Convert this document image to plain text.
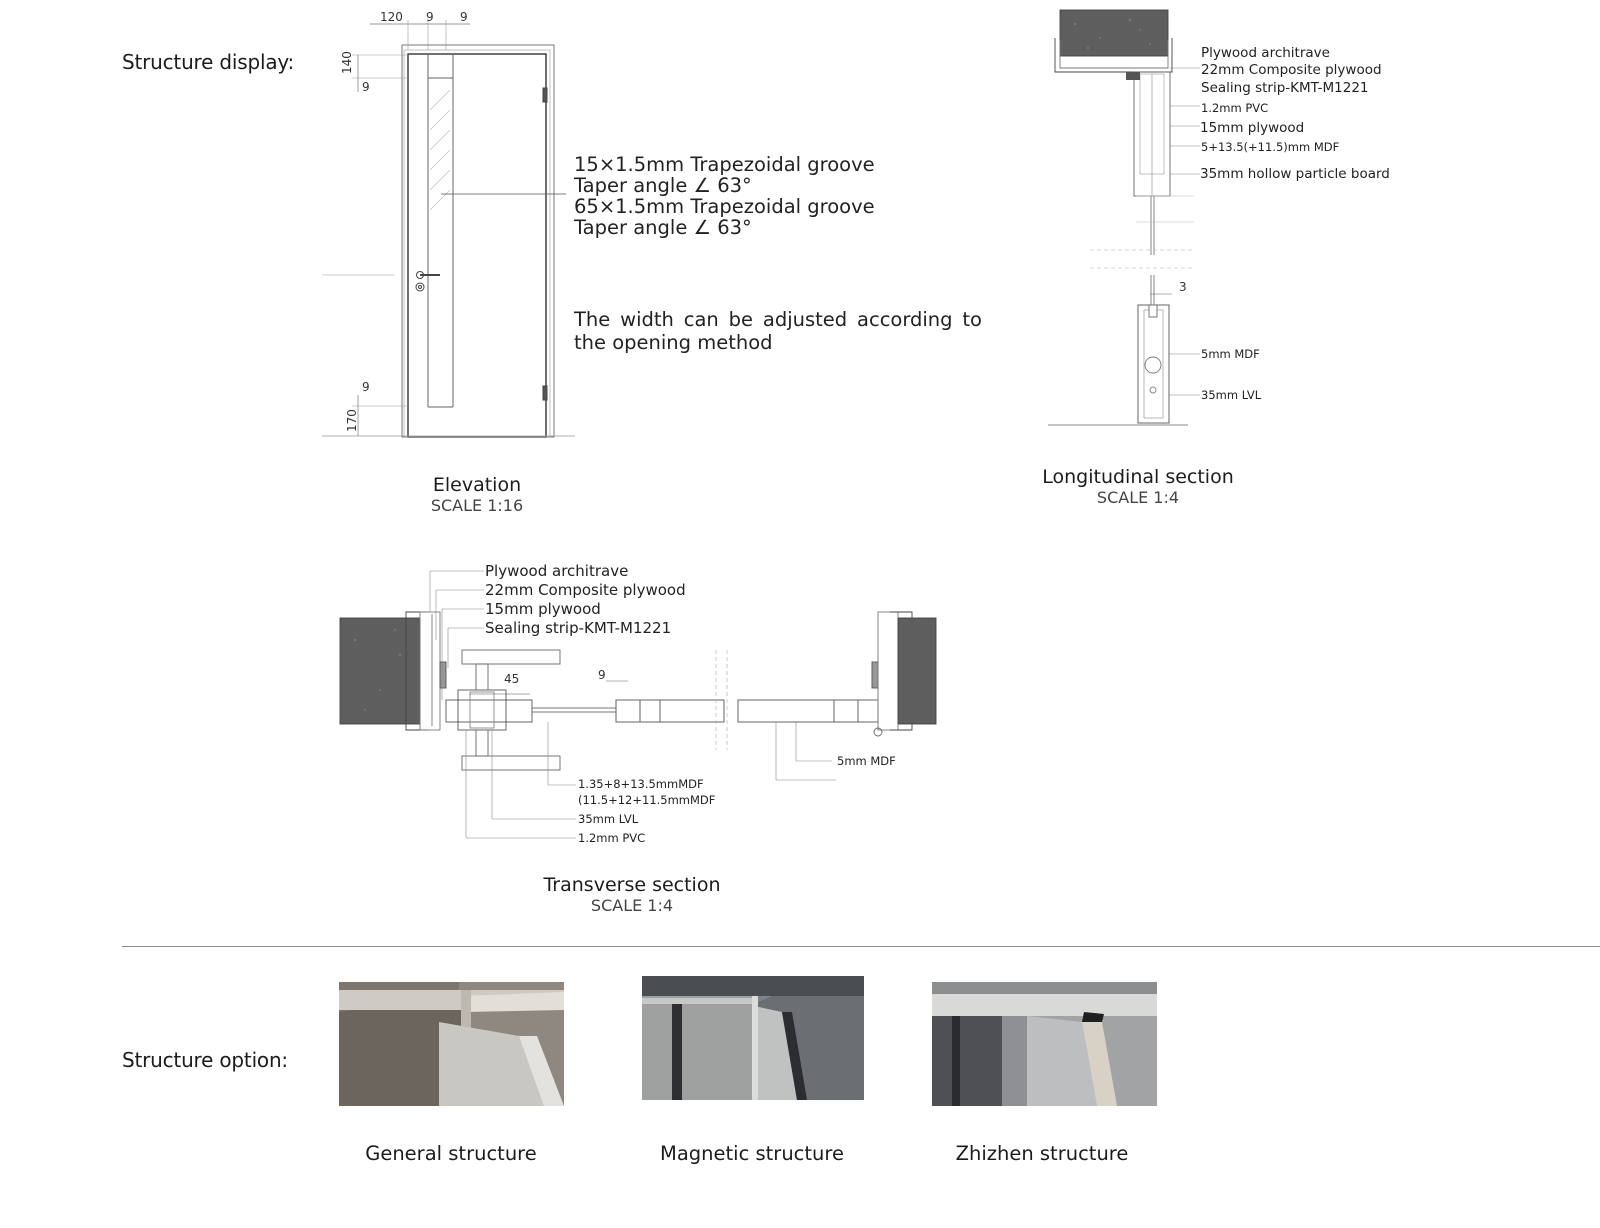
Structure display:
120 9 9
140
9
9
170
15×1.5mm Trapezoidal groove
Taper angle ∠ 63°
65×1.5mm Trapezoidal groove
Taper angle ∠ 63°
The width can be adjusted according to the opening method
Elevation
SCALE 1:16
Plywood architrave
22mm Composite plywood
Sealing strip-KMT-M1221
1.2mm PVC
15mm plywood
5+13.5(+11.5)mm MDF
35mm hollow particle board
3
5mm MDF
35mm LVL
Longitudinal section
SCALE 1:4
Plywood architrave
22mm Composite plywood
15mm plywood
Sealing strip-KMT-M1221
45	9
5mm MDF
1.35+8+13.5mmMDF
(11.5+12+11.5mmMDF
35mm LVL
1.2mm PVC
Transverse section
SCALE 1:4
Structure option:
General structure	Magnetic structure	Zhizhen structure
